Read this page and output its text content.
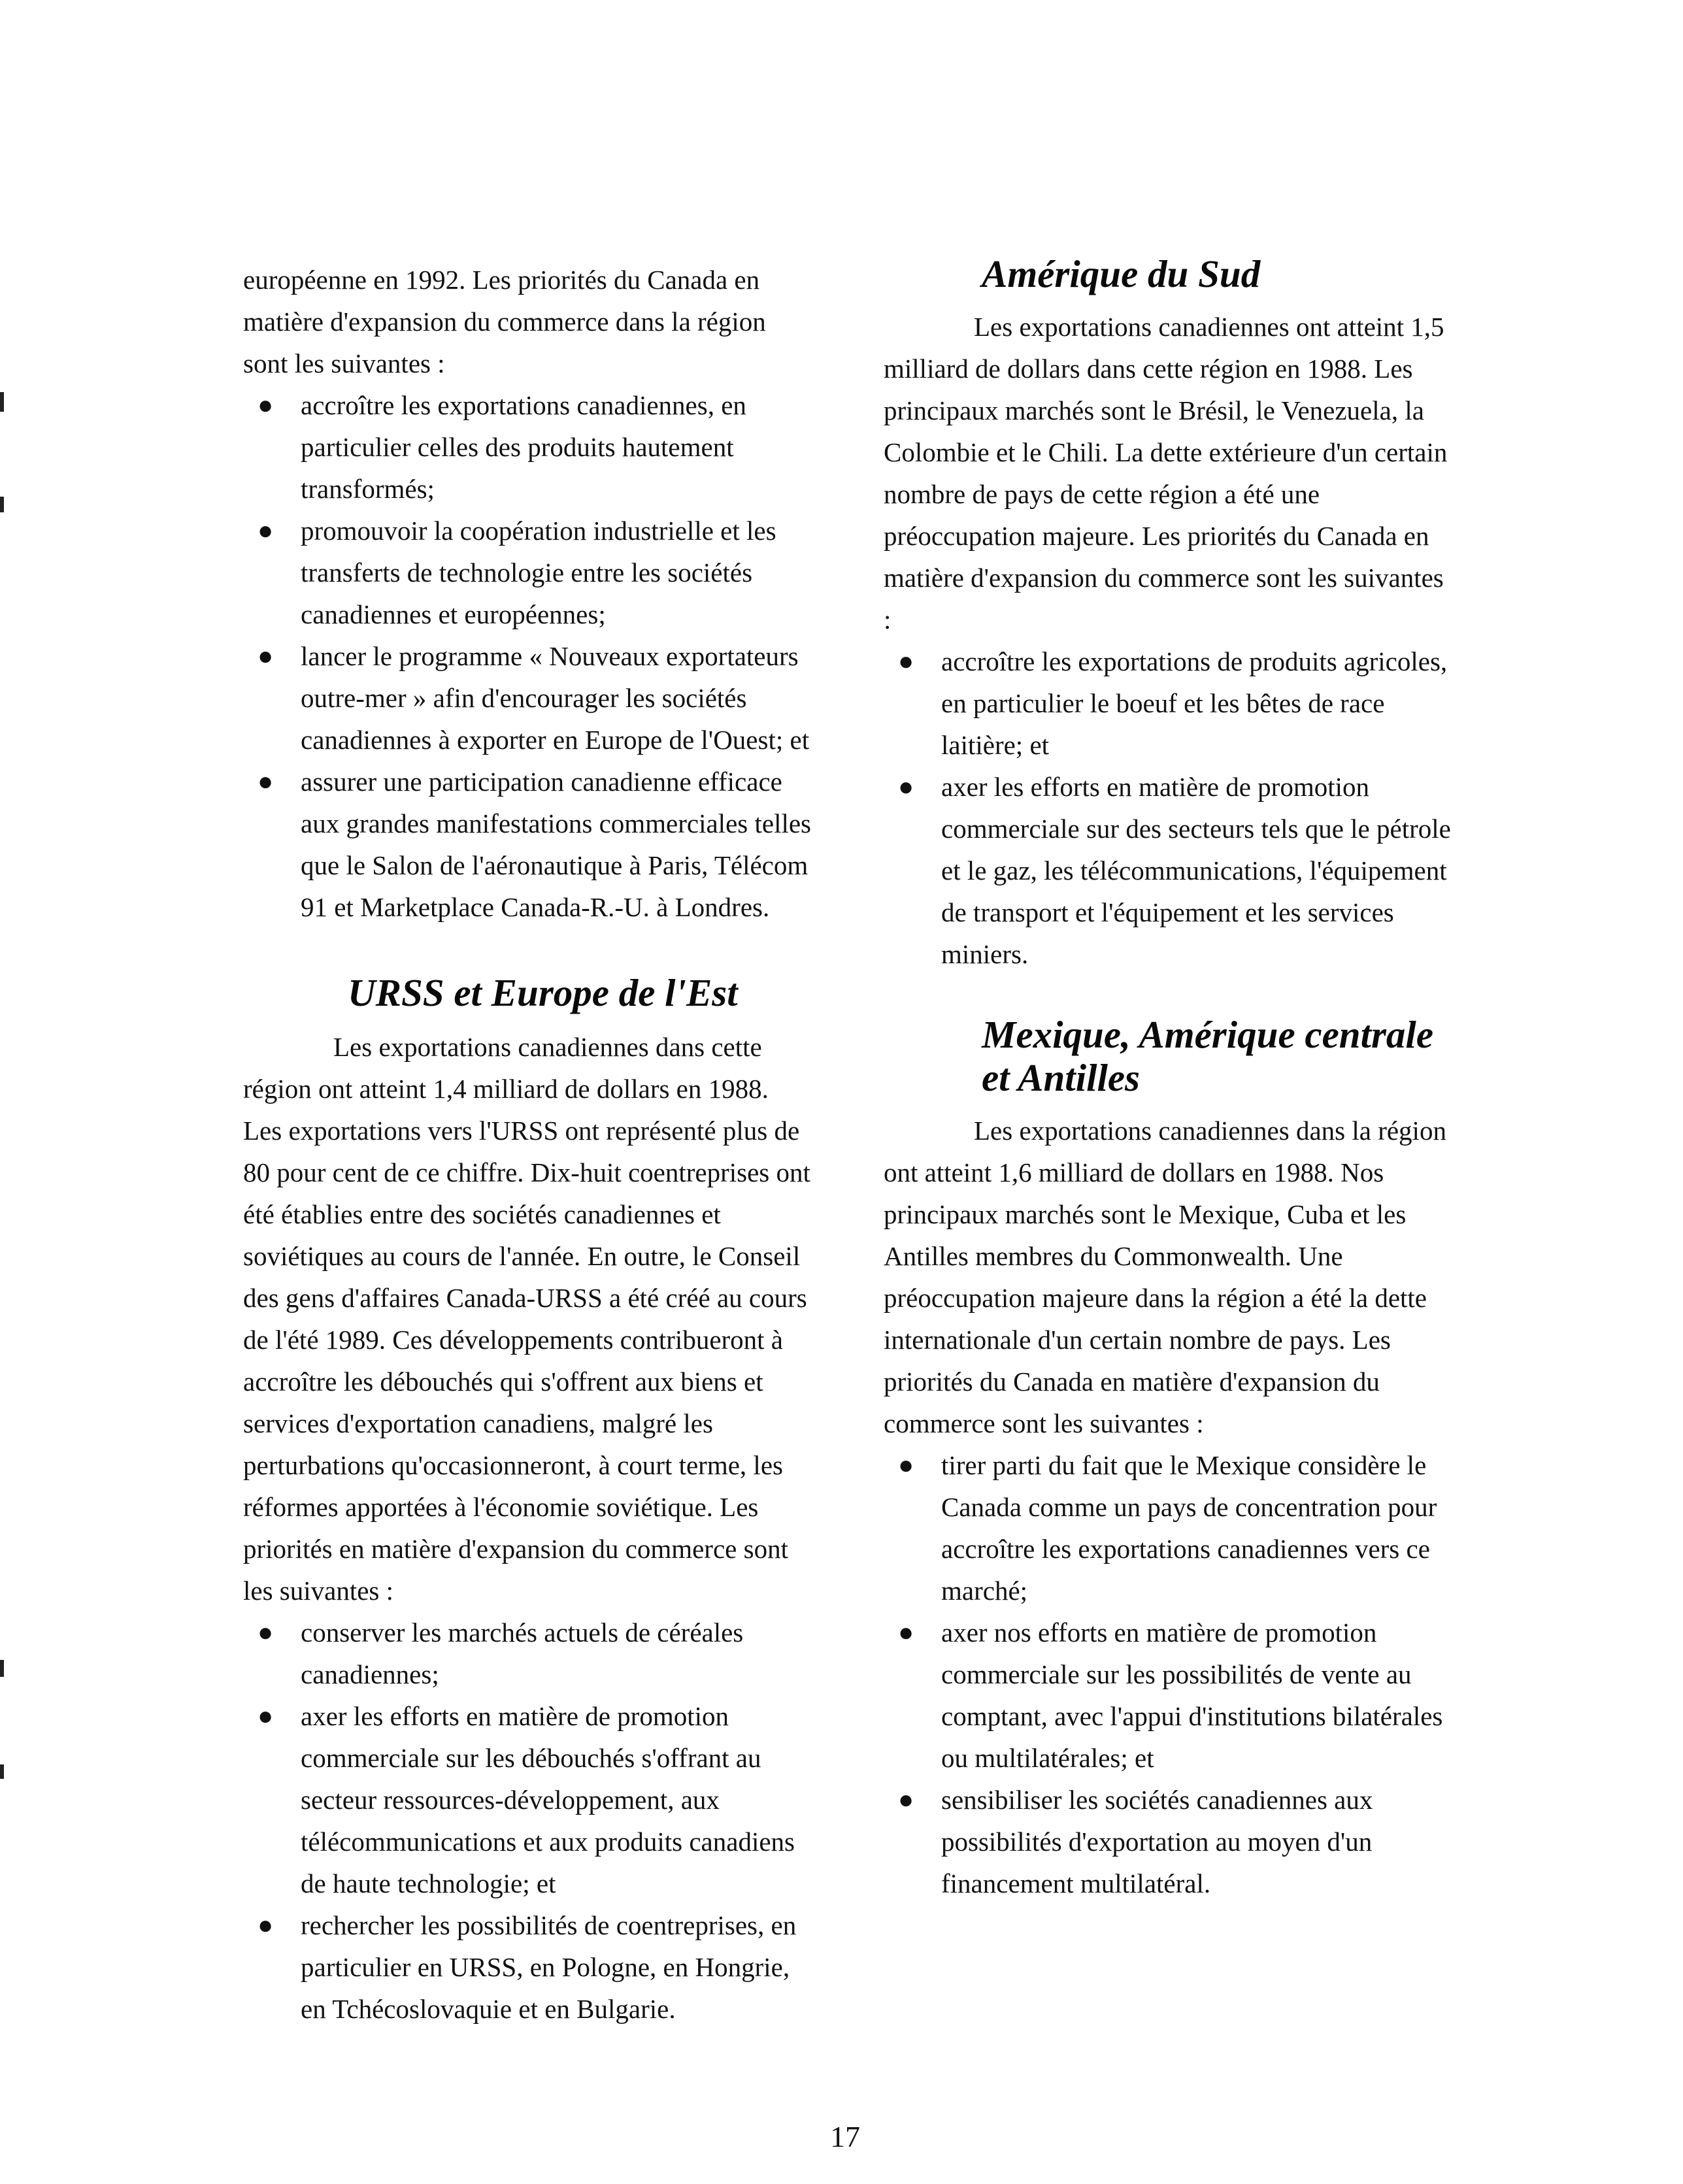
européenne en 1992. Les priorités du Canada en matière d'expansion du commerce dans la région sont les suivantes :

● accroître les exportations canadiennes, en particulier celles des produits hautement transformés;
● promouvoir la coopération industrielle et les transferts de technologie entre les sociétés canadiennes et européennes;
● lancer le programme « Nouveaux exportateurs outre-mer » afin d'encourager les sociétés canadiennes à exporter en Europe de l'Ouest; et
● assurer une participation canadienne efficace aux grandes manifestations commerciales telles que le Salon de l'aéronautique à Paris, Télécom 91 et Marketplace Canada-R.-U. à Londres.
URSS et Europe de l'Est

Les exportations canadiennes dans cette région ont atteint 1,4 milliard de dollars en 1988. Les exportations vers l'URSS ont représenté plus de 80 pour cent de ce chiffre. Dix-huit coentreprises ont été établies entre des sociétés canadiennes et soviétiques au cours de l'année. En outre, le Conseil des gens d'affaires Canada-URSS a été créé au cours de l'été 1989. Ces développements contribueront à accroître les débouchés qui s'offrent aux biens et services d'exportation canadiens, malgré les perturbations qu'occasionneront, à court terme, les réformes apportées à l'économie soviétique. Les priorités en matière d'expansion du commerce sont les suivantes :

● conserver les marchés actuels de céréales canadiennes;
● axer les efforts en matière de promotion commerciale sur les débouchés s'offrant au secteur ressources-développement, aux télécommunications et aux produits canadiens de haute technologie; et
● rechercher les possibilités de coentreprises, en particulier en URSS, en Pologne, en Hongrie, en Tchécoslovaquie et en Bulgarie.
Amérique du Sud

Les exportations canadiennes ont atteint 1,5 milliard de dollars dans cette région en 1988. Les principaux marchés sont le Brésil, le Venezuela, la Colombie et le Chili. La dette extérieure d'un certain nombre de pays de cette région a été une préoccupation majeure. Les priorités du Canada en matière d'expansion du commerce sont les suivantes :

● accroître les exportations de produits agricoles, en particulier le boeuf et les bêtes de race laitière; et
● axer les efforts en matière de promotion commerciale sur des secteurs tels que le pétrole et le gaz, les télécommunications, l'équipement de transport et l'équipement et les services miniers.
Mexique, Amérique centrale
et Antilles

Les exportations canadiennes dans la région ont atteint 1,6 milliard de dollars en 1988. Nos principaux marchés sont le Mexique, Cuba et les Antilles membres du Commonwealth. Une préoccupation majeure dans la région a été la dette internationale d'un certain nombre de pays. Les priorités du Canada en matière d'expansion du commerce sont les suivantes :

● tirer parti du fait que le Mexique considère le Canada comme un pays de concentration pour accroître les exportations canadiennes vers ce marché;
● axer nos efforts en matière de promotion commerciale sur les possibilités de vente au comptant, avec l'appui d'institutions bilatérales ou multilatérales; et
● sensibiliser les sociétés canadiennes aux possibilités d'exportation au moyen d'un financement multilatéral.
17
